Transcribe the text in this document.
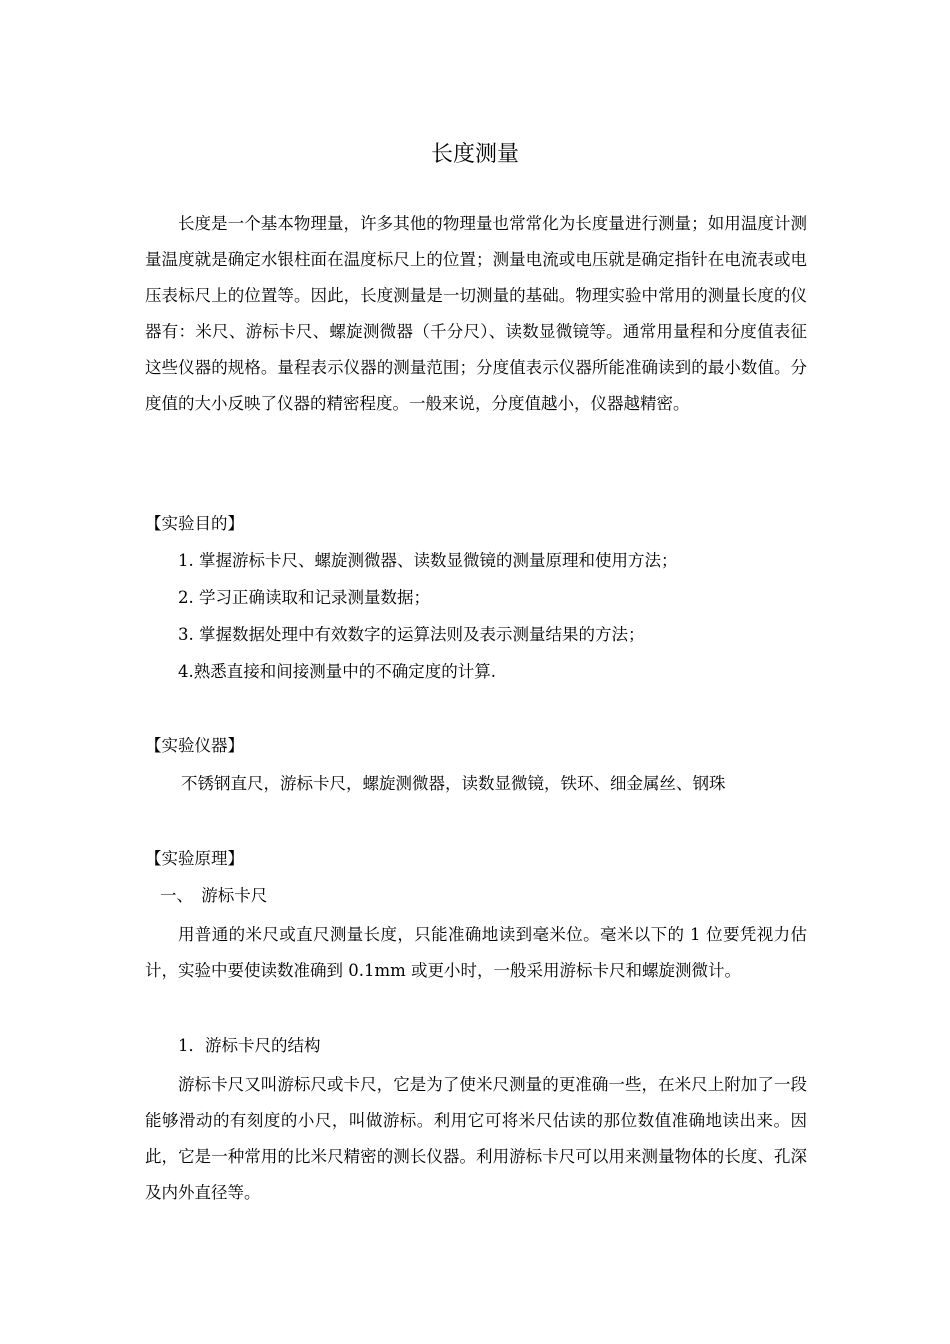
长度测量

长度是一个基本物理量，许多其他的物理量也常常化为长度量进行测量；如用温度计测量温度就是确定水银柱面在温度标尺上的位置；测量电流或电压就是确定指针在电流表或电压表标尺上的位置等。因此，长度测量是一切测量的基础。物理实验中常用的测量长度的仪器有：米尺、游标卡尺、螺旋测微器（千分尺）、读数显微镜等。通常用量程和分度值表征这些仪器的规格。量程表示仪器的测量范围；分度值表示仪器所能准确读到的最小数值。分度值的大小反映了仪器的精密程度。一般来说，分度值越小，仪器越精密。

【实验目的】
1. 掌握游标卡尺、螺旋测微器、读数显微镜的测量原理和使用方法；
2. 学习正确读取和记录测量数据；
3. 掌握数据处理中有效数字的运算法则及表示测量结果的方法；
4.熟悉直接和间接测量中的不确定度的计算.
【实验仪器】
不锈钢直尺，游标卡尺，螺旋测微器，读数显微镜，铁环、细金属丝、钢珠
【实验原理】
一、　游标卡尺

用普通的米尺或直尺测量长度，只能准确地读到毫米位。毫米以下的 1 位要凭视力估计，实验中要使读数准确到 0.1mm 或更小时，一般采用游标卡尺和螺旋测微计。

1．游标卡尺的结构

游标卡尺又叫游标尺或卡尺，它是为了使米尺测量的更准确一些，在米尺上附加了一段能够滑动的有刻度的小尺，叫做游标。利用它可将米尺估读的那位数值准确地读出来。因此，它是一种常用的比米尺精密的测长仪器。利用游标卡尺可以用来测量物体的长度、孔深及内外直径等。
